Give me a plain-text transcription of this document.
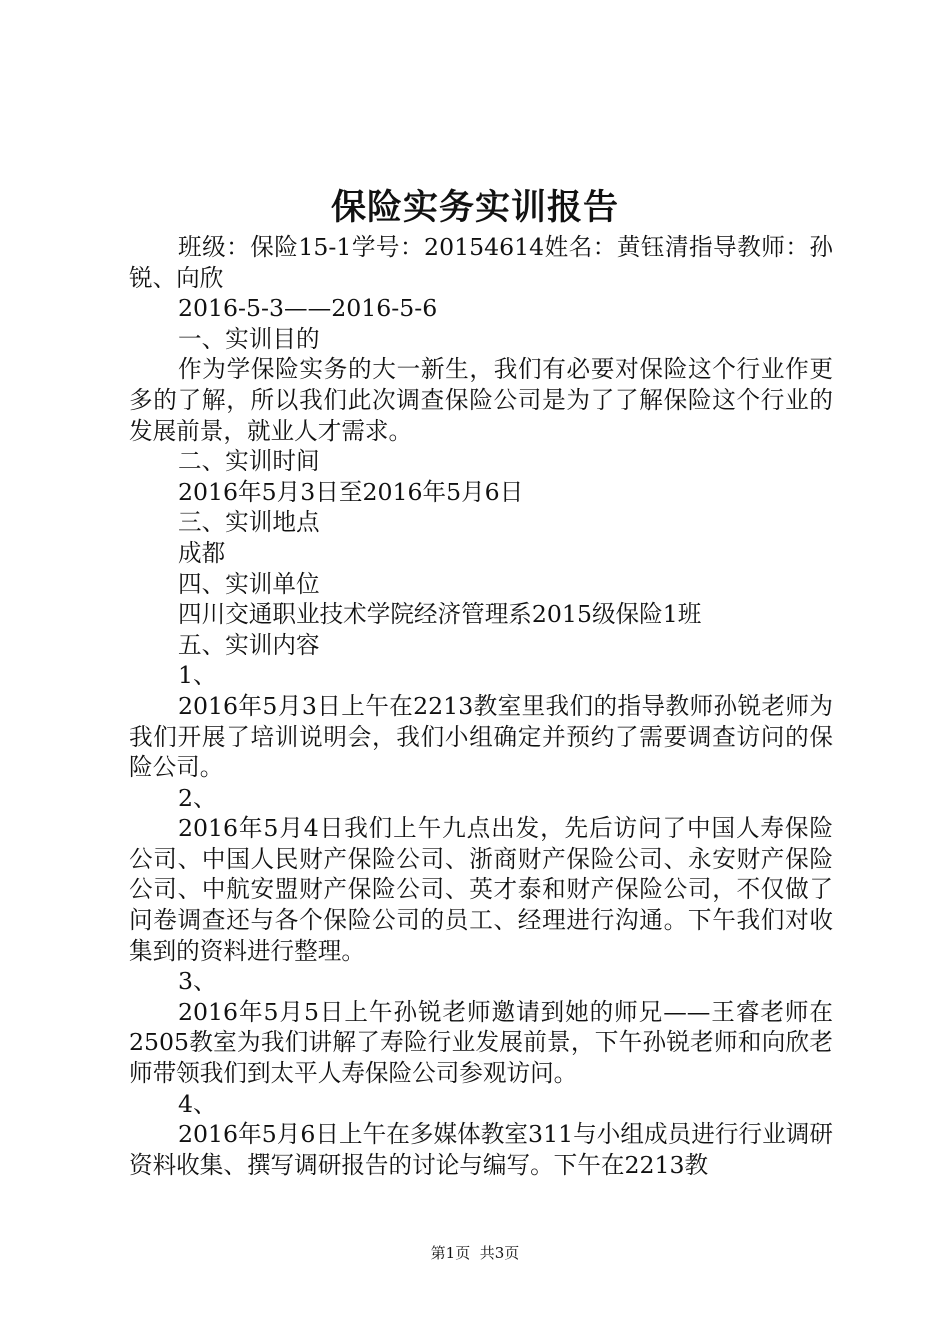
保险实务实训报告

班级：保险15-1学号：20154614姓名：黄钰清指导教师：孙锐、向欣

2016-5-3——2016-5-6

一、实训目的

作为学保险实务的大一新生，我们有必要对保险这个行业作更多的了解，所以我们此次调查保险公司是为了了解保险这个行业的发展前景，就业人才需求。

二、实训时间

2016年5月3日至2016年5月6日

三、实训地点

成都

四、实训单位

四川交通职业技术学院经济管理系2015级保险1班

五、实训内容

1、

2016年5月3日上午在2213教室里我们的指导教师孙锐老师为我们开展了培训说明会，我们小组确定并预约了需要调查访问的保险公司。

2、

2016年5月4日我们上午九点出发，先后访问了中国人寿保险公司、中国人民财产保险公司、浙商财产保险公司、永安财产保险公司、中航安盟财产保险公司、英才泰和财产保险公司，不仅做了问卷调查还与各个保险公司的员工、经理进行沟通。下午我们对收集到的资料进行整理。

3、

2016年5月5日上午孙锐老师邀请到她的师兄——王睿老师在2505教室为我们讲解了寿险行业发展前景，下午孙锐老师和向欣老师带领我们到太平人寿保险公司参观访问。

4、

2016年5月6日上午在多媒体教室311与小组成员进行行业调研资料收集、撰写调研报告的讨论与编写。下午在2213教

第1页 共3页
